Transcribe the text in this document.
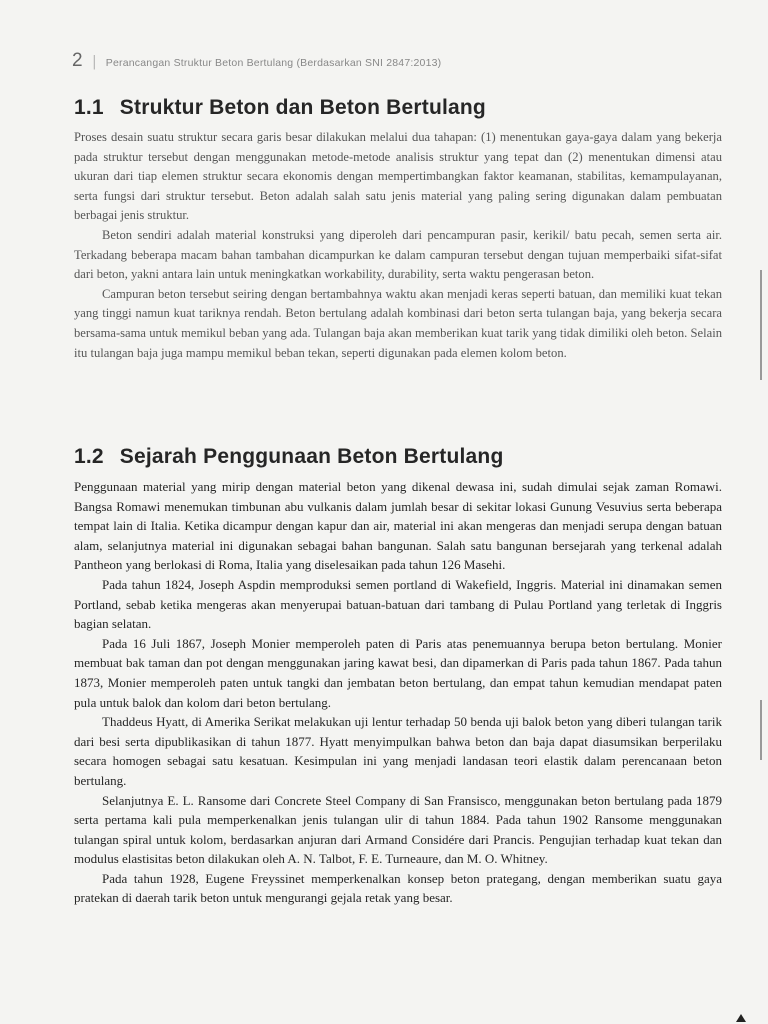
2 | Perancangan Struktur Beton Bertulang (Berdasarkan SNI 2847:2013)
1.1 Struktur Beton dan Beton Bertulang

Proses desain suatu struktur secara garis besar dilakukan melalui dua tahapan: (1) menentukan gaya-gaya dalam yang bekerja pada struktur tersebut dengan menggunakan metode-metode analisis struktur yang tepat dan (2) menentukan dimensi atau ukuran dari tiap elemen struktur secara ekonomis dengan mempertimbangkan faktor keamanan, stabilitas, kemampulayanan, serta fungsi dari struktur tersebut. Beton adalah salah satu jenis material yang paling sering digunakan dalam pembuatan berbagai jenis struktur.

Beton sendiri adalah material konstruksi yang diperoleh dari pencampuran pasir, kerikil/ batu pecah, semen serta air. Terkadang beberapa macam bahan tambahan dicampurkan ke dalam campuran tersebut dengan tujuan memperbaiki sifat-sifat dari beton, yakni antara lain untuk meningkatkan workability, durability, serta waktu pengerasan beton.

Campuran beton tersebut seiring dengan bertambahnya waktu akan menjadi keras seperti batuan, dan memiliki kuat tekan yang tinggi namun kuat tariknya rendah. Beton bertulang adalah kombinasi dari beton serta tulangan baja, yang bekerja secara bersama-sama untuk memikul beban yang ada. Tulangan baja akan memberikan kuat tarik yang tidak dimiliki oleh beton. Selain itu tulangan baja juga mampu memikul beban tekan, seperti digunakan pada elemen kolom beton.

1.2 Sejarah Penggunaan Beton Bertulang

Penggunaan material yang mirip dengan material beton yang dikenal dewasa ini, sudah dimulai sejak zaman Romawi. Bangsa Romawi menemukan timbunan abu vulkanis dalam jumlah besar di sekitar lokasi Gunung Vesuvius serta beberapa tempat lain di Italia. Ketika dicampur dengan kapur dan air, material ini akan mengeras dan menjadi serupa dengan batuan alam, selanjutnya material ini digunakan sebagai bahan bangunan. Salah satu bangunan bersejarah yang terkenal adalah Pantheon yang berlokasi di Roma, Italia yang diselesaikan pada tahun 126 Masehi.

Pada tahun 1824, Joseph Aspdin memproduksi semen portland di Wakefield, Inggris. Material ini dinamakan semen Portland, sebab ketika mengeras akan menyerupai batuan-batuan dari tambang di Pulau Portland yang terletak di Inggris bagian selatan.

Pada 16 Juli 1867, Joseph Monier memperoleh paten di Paris atas penemuannya berupa beton bertulang. Monier membuat bak taman dan pot dengan menggunakan jaring kawat besi, dan dipamerkan di Paris pada tahun 1867. Pada tahun 1873, Monier memperoleh paten untuk tangki dan jembatan beton bertulang, dan empat tahun kemudian mendapat paten pula untuk balok dan kolom dari beton bertulang.

Thaddeus Hyatt, di Amerika Serikat melakukan uji lentur terhadap 50 benda uji balok beton yang diberi tulangan tarik dari besi serta dipublikasikan di tahun 1877. Hyatt menyimpulkan bahwa beton dan baja dapat diasumsikan berperilaku secara homogen sebagai satu kesatuan. Kesimpulan ini yang menjadi landasan teori elastik dalam perencanaan beton bertulang.

Selanjutnya E. L. Ransome dari Concrete Steel Company di San Fransisco, menggunakan beton bertulang pada 1879 serta pertama kali pula memperkenalkan jenis tulangan ulir di tahun 1884. Pada tahun 1902 Ransome menggunakan tulangan spiral untuk kolom, berdasarkan anjuran dari Armand Considére dari Prancis. Pengujian terhadap kuat tekan dan modulus elastisitas beton dilakukan oleh A. N. Talbot, F. E. Turneaure, dan M. O. Whitney.

Pada tahun 1928, Eugene Freyssinet memperkenalkan konsep beton prategang, dengan memberikan suatu gaya pratekan di daerah tarik beton untuk mengurangi gejala retak yang besar.
